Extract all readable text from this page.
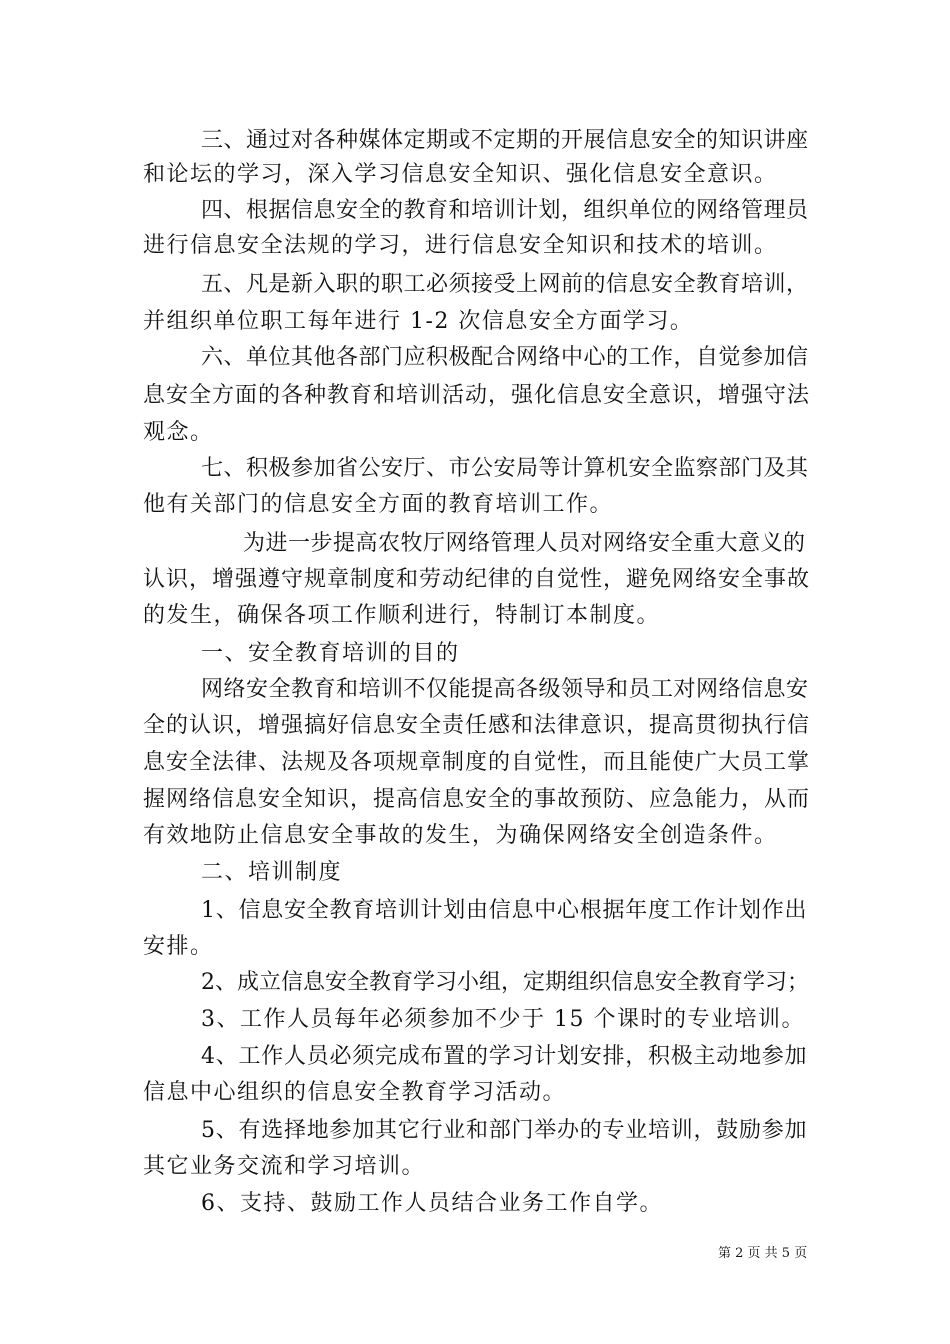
三、通过对各种媒体定期或不定期的开展信息安全的知识讲座
和论坛的学习，深入学习信息安全知识、强化信息安全意识。
四、根据信息安全的教育和培训计划，组织单位的网络管理员
进行信息安全法规的学习，进行信息安全知识和技术的培训。
五、凡是新入职的职工必须接受上网前的信息安全教育培训，
并组织单位职工每年进行 1-2 次信息安全方面学习。
六、单位其他各部门应积极配合网络中心的工作，自觉参加信
息安全方面的各种教育和培训活动，强化信息安全意识，增强守法
观念。
七、积极参加省公安厅、市公安局等计算机安全监察部门及其
他有关部门的信息安全方面的教育培训工作。
为进一步提高农牧厅网络管理人员对网络安全重大意义的
认识，增强遵守规章制度和劳动纪律的自觉性，避免网络安全事故
的发生，确保各项工作顺利进行，特制订本制度。
一、安全教育培训的目的
网络安全教育和培训不仅能提高各级领导和员工对网络信息安
全的认识，增强搞好信息安全责任感和法律意识，提高贯彻执行信
息安全法律、法规及各项规章制度的自觉性，而且能使广大员工掌
握网络信息安全知识，提高信息安全的事故预防、应急能力，从而
有效地防止信息安全事故的发生，为确保网络安全创造条件。
二、培训制度
1、信息安全教育培训计划由信息中心根据年度工作计划作出
安排。
2、成立信息安全教育学习小组，定期组织信息安全教育学习；
3、工作人员每年必须参加不少于 15 个课时的专业培训。
4、工作人员必须完成布置的学习计划安排，积极主动地参加
信息中心组织的信息安全教育学习活动。
5、有选择地参加其它行业和部门举办的专业培训，鼓励参加
其它业务交流和学习培训。
6、支持、鼓励工作人员结合业务工作自学。
第 2 页 共 5 页
